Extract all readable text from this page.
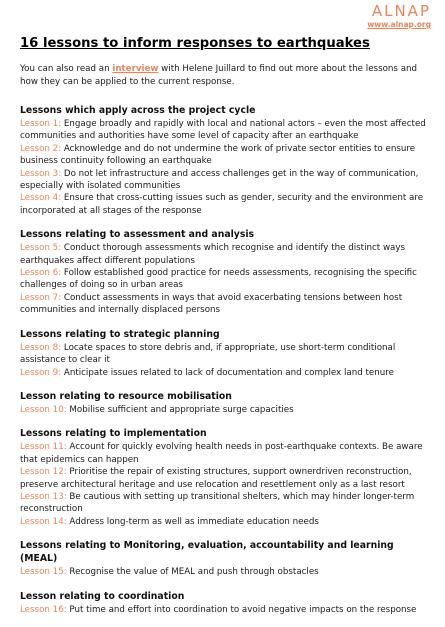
ALNAP
www.alnap.org
16 lessons to inform responses to earthquakes
You can also read an interview with Helene Juillard to find out more about the lessons and how they can be applied to the current response.
Lessons which apply across the project cycle
Lesson 1: Engage broadly and rapidly with local and national actors – even the most affected communities and authorities have some level of capacity after an earthquake
Lesson 2: Acknowledge and do not undermine the work of private sector entities to ensure business continuity following an earthquake
Lesson 3: Do not let infrastructure and access challenges get in the way of communication, especially with isolated communities
Lesson 4: Ensure that cross-cutting issues such as gender, security and the environment are incorporated at all stages of the response
Lessons relating to assessment and analysis
Lesson 5: Conduct thorough assessments which recognise and identify the distinct ways earthquakes affect different populations
Lesson 6: Follow established good practice for needs assessments, recognising the specific challenges of doing so in urban areas
Lesson 7: Conduct assessments in ways that avoid exacerbating tensions between host communities and internally displaced persons
Lessons relating to strategic planning
Lesson 8: Locate spaces to store debris and, if appropriate, use short-term conditional assistance to clear it
Lesson 9: Anticipate issues related to lack of documentation and complex land tenure
Lesson relating to resource mobilisation
Lesson 10: Mobilise sufficient and appropriate surge capacities
Lessons relating to implementation
Lesson 11: Account for quickly evolving health needs in post-earthquake contexts. Be aware that epidemics can happen
Lesson 12: Prioritise the repair of existing structures, support ownerdriven reconstruction, preserve architectural heritage and use relocation and resettlement only as a last resort
Lesson 13: Be cautious with setting up transitional shelters, which may hinder longer-term reconstruction
Lesson 14: Address long-term as well as immediate education needs
Lessons relating to Monitoring, evaluation, accountability and learning (MEAL)
Lesson 15: Recognise the value of MEAL and push through obstacles
Lesson relating to coordination
Lesson 16: Put time and effort into coordination to avoid negative impacts on the response
